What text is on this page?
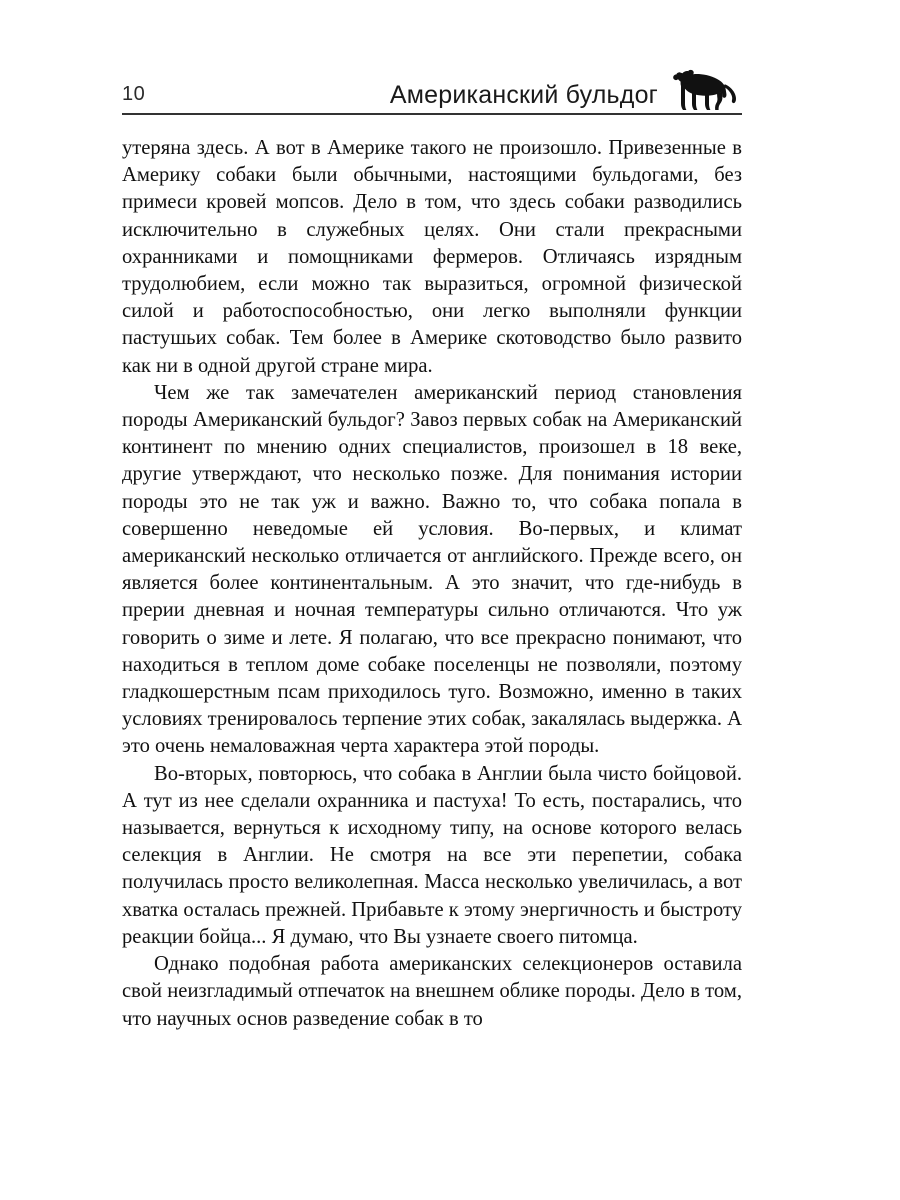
10	Американский бульдог

утеряна здесь. А вот в Америке такого не произошло. Привезенные в Америку собаки были обычными, настоящими бульдогами, без примеси кровей мопсов. Дело в том, что здесь собаки разводились исключительно в служебных целях. Они стали прекрасными охранниками и помощниками фермеров. Отличаясь изрядным трудолюбием, если можно так выразиться, огромной физической силой и работоспособностью, они легко выполняли функции пастушьих собак. Тем более в Америке скотоводство было развито как ни в одной другой стране мира.

Чем же так замечателен американский период становления породы Американский бульдог? Завоз первых собак на Американский континент по мнению одних специалистов, произошел в 18 веке, другие утверждают, что несколько позже. Для понимания истории породы это не так уж и важно. Важно то, что собака попала в совершенно неведомые ей условия. Во-первых, и климат американский несколько отличается от английского. Прежде всего, он является более континентальным. А это значит, что где-нибудь в прерии дневная и ночная температуры сильно отличаются. Что уж говорить о зиме и лете. Я полагаю, что все прекрасно понимают, что находиться в теплом доме собаке поселенцы не позволяли, поэтому гладкошерстным псам приходилось туго. Возможно, именно в таких условиях тренировалось терпение этих собак, закалялась выдержка. А это очень немаловажная черта характера этой породы.

Во-вторых, повторюсь, что собака в Англии была чисто бойцовой. А тут из нее сделали охранника и пастуха! То есть, постарались, что называется, вернуться к исходному типу, на основе которого велась селекция в Англии. Не смотря на все эти перепетии, собака получилась просто великолепная. Масса несколько увеличилась, а вот хватка осталась прежней. Прибавьте к этому энергичность и быстроту реакции бойца... Я думаю, что Вы узнаете своего питомца.

Однако подобная работа американских селекционеров оставила свой неизгладимый отпечаток на внешнем облике породы. Дело в том, что научных основ разведение собак в то
